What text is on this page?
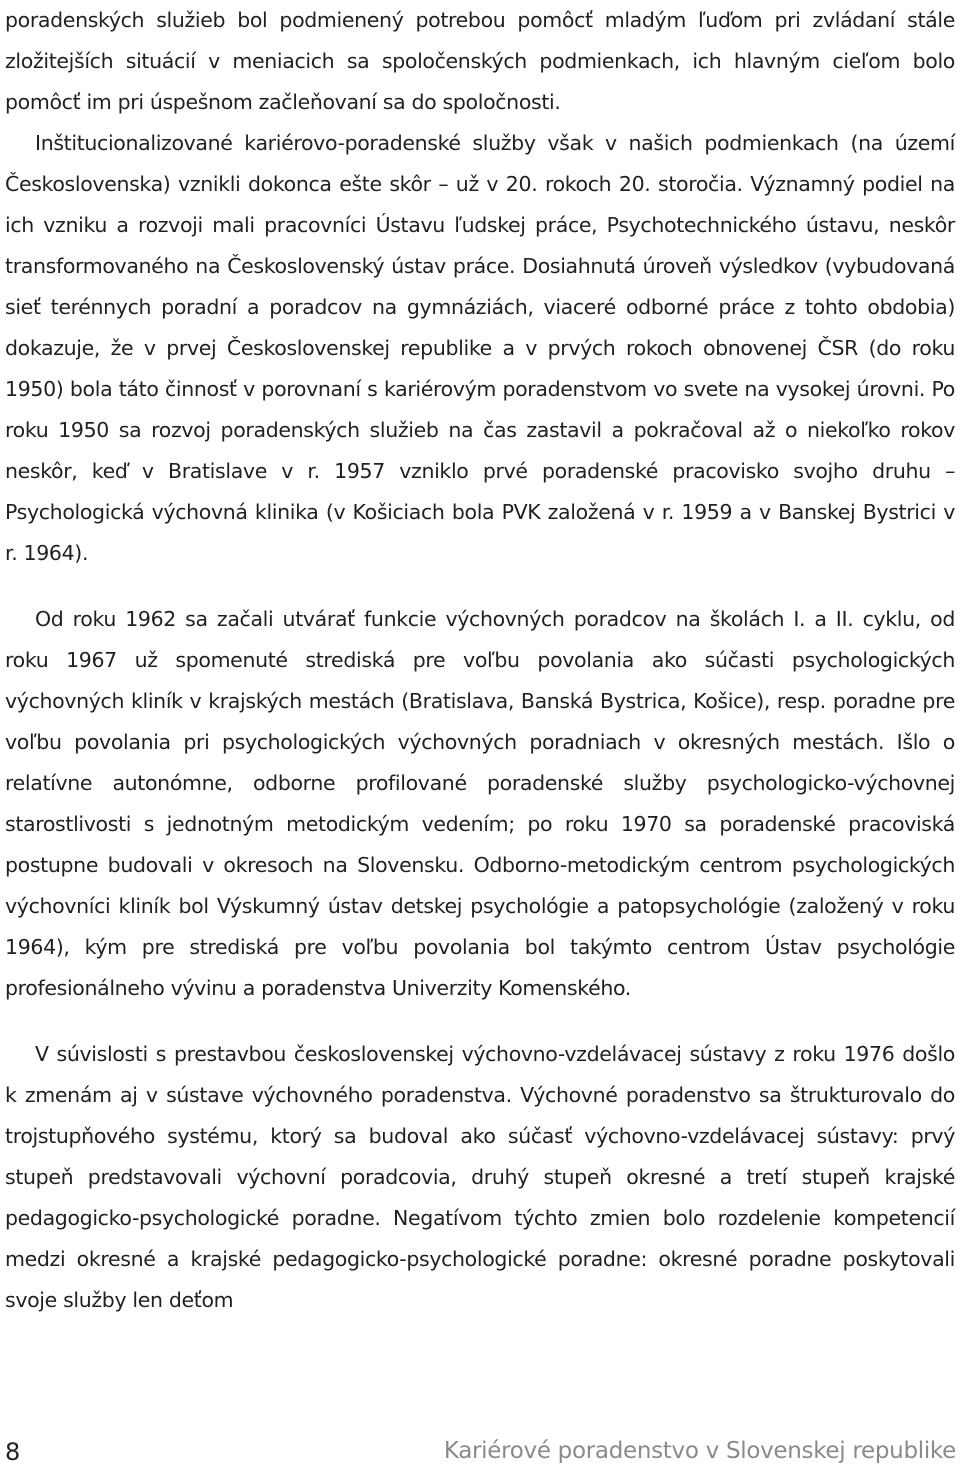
poradenských služieb bol podmienený potrebou pomôcť mladým ľuďom pri zvládaní stále zložitejších situácií v meniacich sa spoločenských podmienkach, ich hlavným cieľom bolo pomôcť im pri úspešnom začleňovaní sa do spoločnosti.

Inštitucionalizované kariérovo-poradenské služby však v našich podmienkach (na území Československa) vznikli dokonca ešte skôr – už v 20. rokoch 20. storočia. Významný podiel na ich vzniku a rozvoji mali pracovníci Ústavu ľudskej práce, Psychotechnického ústavu, neskôr transformovaného na Československý ústav práce. Dosiahnutá úroveň výsledkov (vybudovaná sieť terénnych poradní a poradcov na gymnáziách, viaceré odborné práce z tohto obdobia) dokazuje, že v prvej Československej republike a v prvých rokoch obnovenej ČSR (do roku 1950) bola táto činnosť v porovnaní s kariérovým poradenstvom vo svete na vysokej úrovni. Po roku 1950 sa rozvoj poradenských služieb na čas zastavil a pokračoval až o niekoľko rokov neskôr, keď v Bratislave v r. 1957 vzniklo prvé poradenské pracovisko svojho druhu – Psychologická výchovná klinika (v Košiciach bola PVK založená v r. 1959 a v Banskej Bystrici v r. 1964).

Od roku 1962 sa začali utvárať funkcie výchovných poradcov na školách I. a II. cyklu, od roku 1967 už spomenuté strediská pre voľbu povolania ako súčasti psychologických výchovných kliník v krajských mestách (Bratislava, Banská Bystrica, Košice), resp. poradne pre voľbu povolania pri psychologických výchovných poradniach v okresných mestách. Išlo o relatívne autonómne, odborne profilované poradenské služby psychologicko-výchovnej starostlivosti s jednotným metodickým vedením; po roku 1970 sa poradenské pracoviská postupne budovali v okresoch na Slovensku. Odborno-metodickým centrom psychologických výchovníci kliník bol Výskumný ústav detskej psychológie a patopsychológie (založený v roku 1964), kým pre strediská pre voľbu povolania bol takýmto centrom Ústav psychológie profesionálneho vývinu a poradenstva Univerzity Komenského.

V súvislosti s prestavbou československej výchovno-vzdelávacej sústavy z roku 1976 došlo k zmenám aj v sústave výchovného poradenstva. Výchovné poradenstvo sa štrukturovalo do trojstupňového systému, ktorý sa budoval ako súčasť výchovno-vzdelávacej sústavy: prvý stupeň predstavovali výchovní poradcovia, druhý stupeň okresné a tretí stupeň krajské pedagogicko-psychologické poradne. Negatívom týchto zmien bolo rozdelenie kompetencií medzi okresné a krajské pedagogicko-psychologické poradne: okresné poradne poskytovali svoje služby len deťom

8	Kariérové poradenstvo v Slovenskej republike
